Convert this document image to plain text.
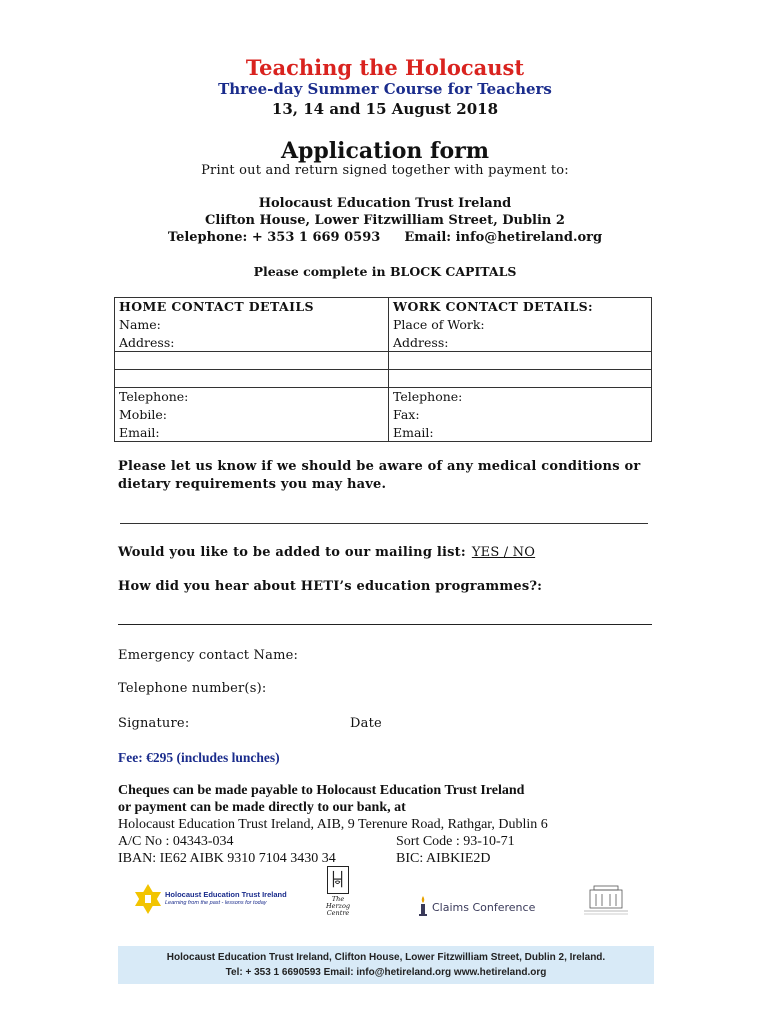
Teaching the Holocaust
Three-day Summer Course for Teachers
13, 14 and 15 August 2018
Application form
Print out and return signed together with payment to:
Holocaust Education Trust Ireland
Clifton House, Lower Fitzwilliam Street, Dublin 2
Telephone: + 353 1 669 0593 Email: info@hetireland.org
Please complete in BLOCK CAPITALS
HOME CONTACT DETAILS	WORK CONTACT DETAILS:
Name:	Place of Work:
Address:	Address:

Telephone:	Telephone:
Mobile:	Fax:
Email:	Email:
Please let us know if we should be aware of any medical conditions or dietary requirements you may have.
Would you like to be added to our mailing list: YES / NO
How did you hear about HETI’s education programmes?:
Emergency contact Name:
Telephone number(s):
Signature:	Date
Fee: €295 (includes lunches)
Cheques can be made payable to Holocaust Education Trust Ireland
or payment can be made directly to our bank, at
Holocaust Education Trust Ireland, AIB, 9 Terenure Road, Rathgar, Dublin 6
A/C No : 04343-034	Sort Code : 93-10-71
IBAN: IE62 AIBK 9310 7104 3430 34	BIC: AIBKIE2D
Holocaust Education Trust Ireland
Learning from the past - lessons for today	The
Herzog
Centre	Claims Conference
Holocaust Education Trust Ireland, Clifton House, Lower Fitzwilliam Street, Dublin 2, Ireland.
Tel: + 353 1 6690593 Email: info@hetireland.org www.hetireland.org
